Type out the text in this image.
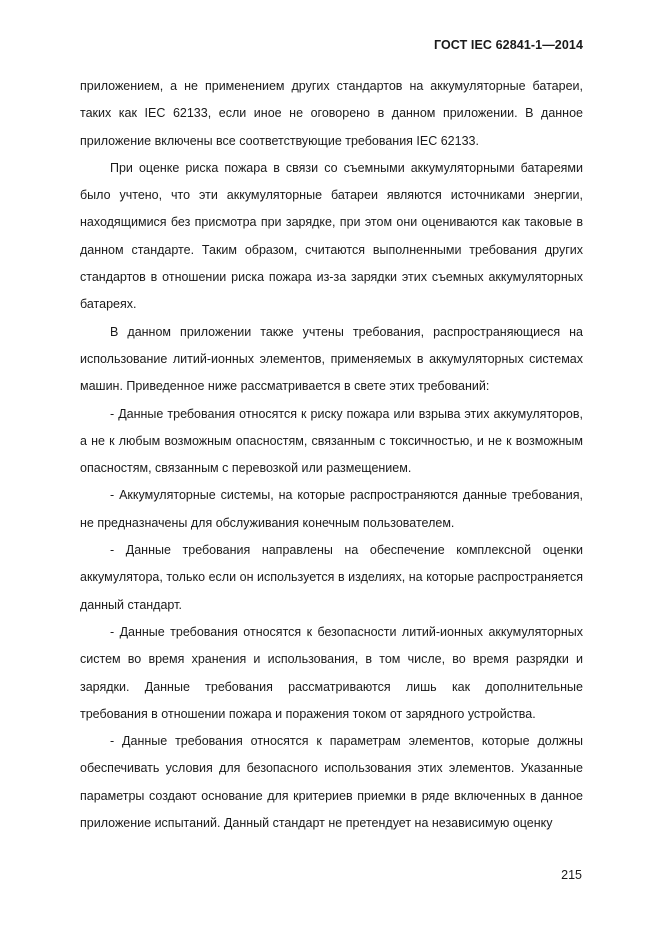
ГОСТ IEC 62841-1—2014

приложением, а не применением других стандартов на аккумуляторные батареи, таких как IEC 62133, если иное не оговорено в данном приложении. В данное приложение включены все соответствующие требования IEC 62133.

При оценке риска пожара в связи со съемными аккумуляторными батареями было учтено, что эти аккумуляторные батареи являются источниками энергии, находящимися без присмотра при зарядке, при этом они оцениваются как таковые в данном стандарте. Таким образом, считаются выполненными требования других стандартов в отношении риска пожара из-за зарядки этих съемных аккумуляторных батареях.

В данном приложении также учтены требования, распространяющиеся на использование литий-ионных элементов, применяемых в аккумуляторных системах машин. Приведенное ниже рассматривается в свете этих требований:

- Данные требования относятся к риску пожара или взрыва этих аккумуляторов, а не к любым возможным опасностям, связанным с токсичностью, и не к возможным опасностям, связанным с перевозкой или размещением.

- Аккумуляторные системы, на которые распространяются данные требования, не предназначены для обслуживания конечным пользователем.

- Данные требования направлены на обеспечение комплексной оценки аккумулятора, только если он используется в изделиях, на которые распространяется данный стандарт.

- Данные требования относятся к безопасности литий-ионных аккумуляторных систем во время хранения и использования, в том числе, во время разрядки и зарядки. Данные требования рассматриваются лишь как дополнительные требования в отношении пожара и поражения током от зарядного устройства.

- Данные требования относятся к параметрам элементов, которые должны обеспечивать условия для безопасного использования этих элементов. Указанные параметры создают основание для критериев приемки в ряде включенных в данное приложение испытаний. Данный стандарт не претендует на независимую оценку

215
